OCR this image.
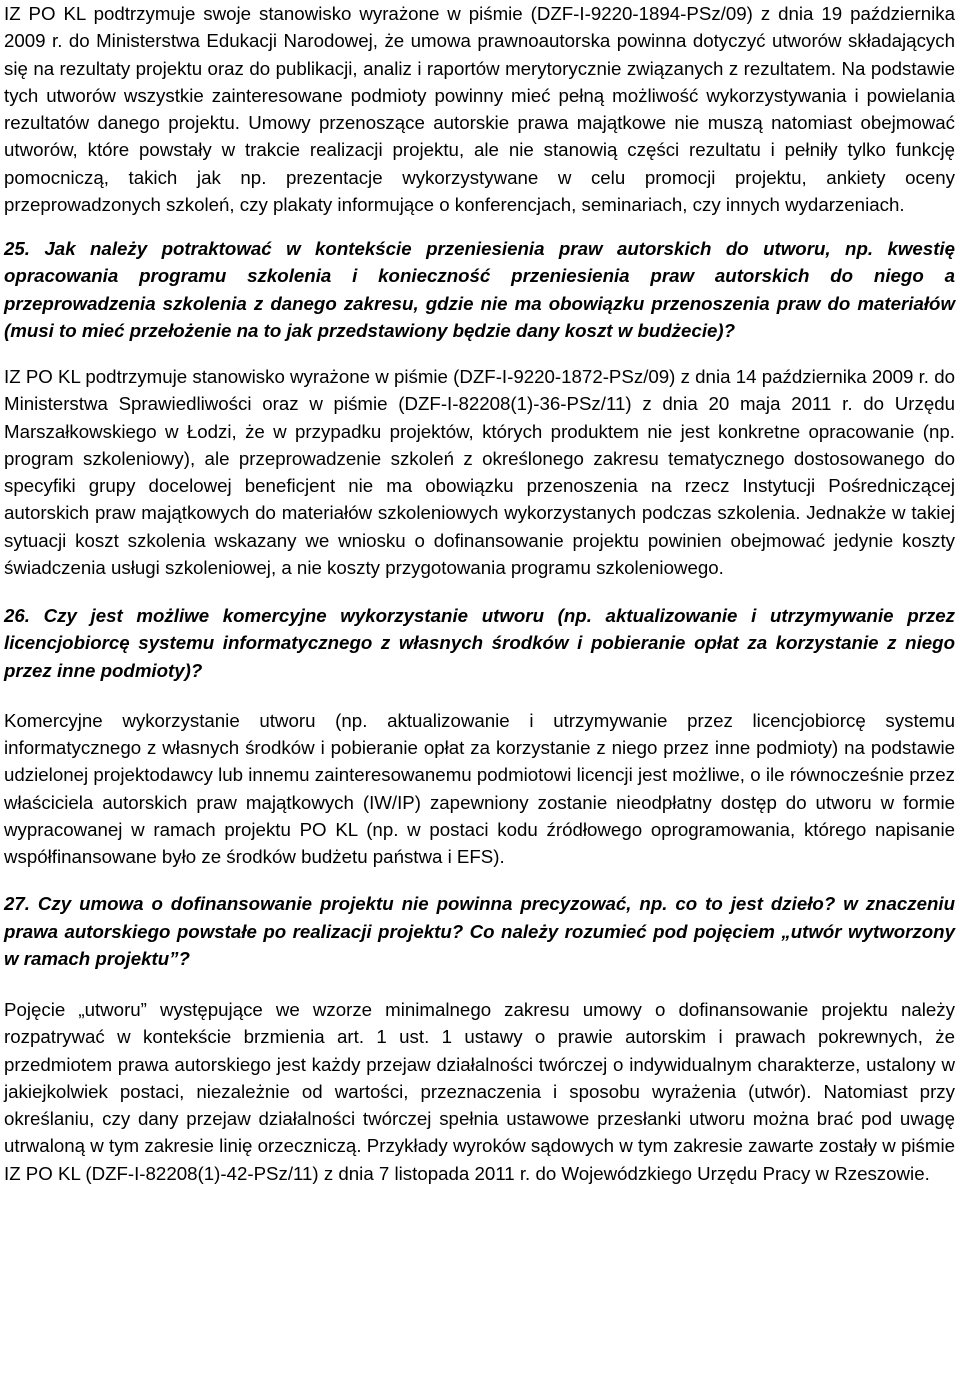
IZ PO KL podtrzymuje swoje stanowisko wyrażone w piśmie (DZF-I-9220-1894-PSz/09) z dnia 19 października 2009 r. do Ministerstwa Edukacji Narodowej, że umowa prawnoautorska powinna dotyczyć utworów składających się na rezultaty projektu oraz do publikacji, analiz i raportów merytorycznie związanych z rezultatem. Na podstawie tych utworów wszystkie zainteresowane podmioty powinny mieć pełną możliwość wykorzystywania i powielania rezultatów danego projektu. Umowy przenoszące autorskie prawa majątkowe nie muszą natomiast obejmować utworów, które powstały w trakcie realizacji projektu, ale nie stanowią części rezultatu i pełniły tylko funkcję pomocniczą, takich jak np. prezentacje wykorzystywane w celu promocji projektu, ankiety oceny przeprowadzonych szkoleń, czy plakaty informujące o konferencjach, seminariach, czy innych wydarzeniach.

25. Jak należy potraktować w kontekście przeniesienia praw autorskich do utworu, np. kwestię opracowania programu szkolenia i konieczność przeniesienia praw autorskich do niego a przeprowadzenia szkolenia z danego zakresu, gdzie nie ma obowiązku przenoszenia praw do materiałów (musi to mieć przełożenie na to jak przedstawiony będzie dany koszt w budżecie)?

IZ PO KL podtrzymuje stanowisko wyrażone w piśmie (DZF-I-9220-1872-PSz/09) z dnia 14 października 2009 r. do Ministerstwa Sprawiedliwości oraz w piśmie (DZF-I-82208(1)-36-PSz/11) z dnia 20 maja 2011 r. do Urzędu Marszałkowskiego w Łodzi, że w przypadku projektów, których produktem nie jest konkretne opracowanie (np. program szkoleniowy), ale przeprowadzenie szkoleń z określonego zakresu tematycznego dostosowanego do specyfiki grupy docelowej beneficjent nie ma obowiązku przenoszenia na rzecz Instytucji Pośredniczącej autorskich praw majątkowych do materiałów szkoleniowych wykorzystanych podczas szkolenia. Jednakże w takiej sytuacji koszt szkolenia wskazany we wniosku o dofinansowanie projektu powinien obejmować jedynie koszty świadczenia usługi szkoleniowej, a nie koszty przygotowania programu szkoleniowego.

26. Czy jest możliwe komercyjne wykorzystanie utworu (np. aktualizowanie i utrzymywanie przez licencjobiorcę systemu informatycznego z własnych środków i pobieranie opłat za korzystanie z niego przez inne podmioty)?

Komercyjne wykorzystanie utworu (np. aktualizowanie i utrzymywanie przez licencjobiorcę systemu informatycznego z własnych środków i pobieranie opłat za korzystanie z niego przez inne podmioty) na podstawie udzielonej projektodawcy lub innemu zainteresowanemu podmiotowi licencji jest możliwe, o ile równocześnie przez właściciela autorskich praw majątkowych (IW/IP) zapewniony zostanie nieodpłatny dostęp do utworu w formie wypracowanej w ramach projektu PO KL (np. w postaci kodu źródłowego oprogramowania, którego napisanie współfinansowane było ze środków budżetu państwa i EFS).

27. Czy umowa o dofinansowanie projektu nie powinna precyzować, np. co to jest dzieło? w znaczeniu prawa autorskiego powstałe po realizacji projektu? Co należy rozumieć pod pojęciem „utwór wytworzony w ramach projektu”?

Pojęcie „utworu” występujące we wzorze minimalnego zakresu umowy o dofinansowanie projektu należy rozpatrywać w kontekście brzmienia art. 1 ust. 1 ustawy o prawie autorskim i prawach pokrewnych, że przedmiotem prawa autorskiego jest każdy przejaw działalności twórczej o indywidualnym charakterze, ustalony w jakiejkolwiek postaci, niezależnie od wartości, przeznaczenia i sposobu wyrażenia (utwór). Natomiast przy określaniu, czy dany przejaw działalności twórczej spełnia ustawowe przesłanki utworu można brać pod uwagę utrwaloną w tym zakresie linię orzeczniczą. Przykłady wyroków sądowych w tym zakresie zawarte zostały w piśmie IZ PO KL (DZF-I-82208(1)-42-PSz/11) z dnia 7 listopada 2011 r. do Wojewódzkiego Urzędu Pracy w Rzeszowie.
